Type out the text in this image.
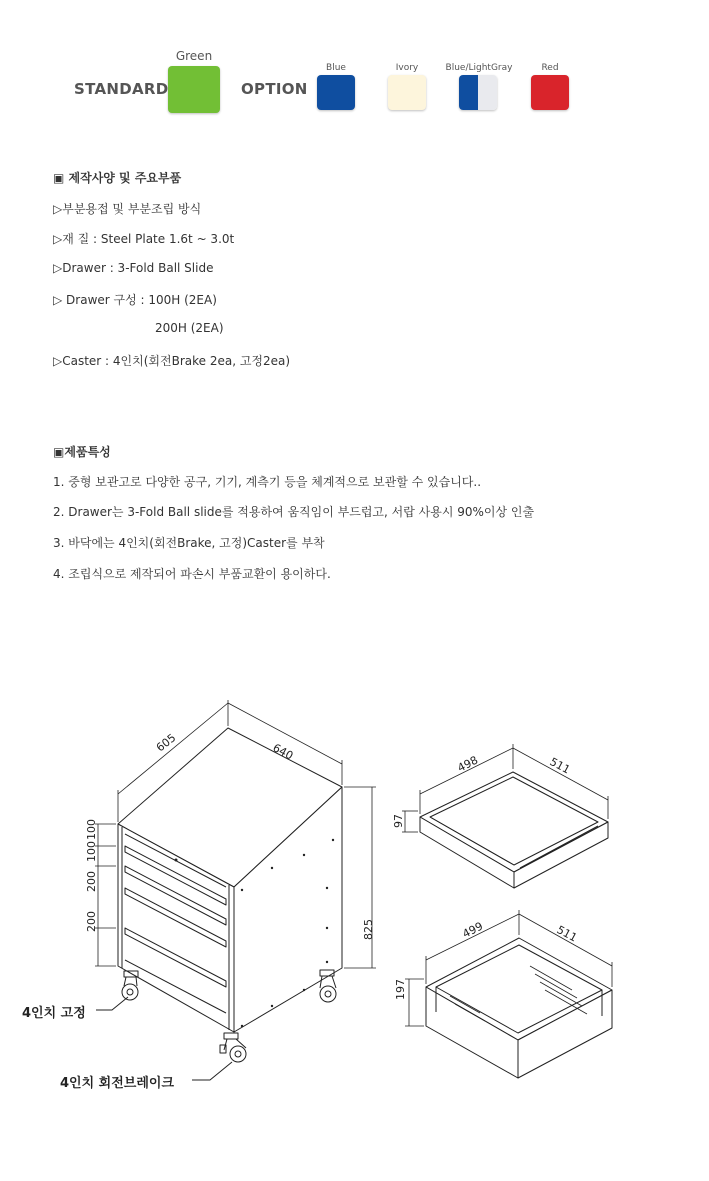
STANDARD
Green
OPTION
Blue	Ivory	Blue/LightGray	Red
▣ 제작사양 및 주요부품
▷부분용접 및 부분조립 방식
▷재 질 : Steel Plate 1.6t ~ 3.0t
▷Drawer : 3-Fold Ball Slide
▷ Drawer 구성 : 100H (2EA)
200H (2EA)
▷Caster : 4인치(회전Brake 2ea, 고정2ea)
▣제품특성
1. 중형 보관고로 다양한 공구, 기기, 계측기 등을 체계적으로 보관할 수 있습니다..
2. Drawer는 3-Fold Ball slide를 적용하여 움직임이 부드럽고, 서랍 사용시 90%이상 인출
3. 바닥에는 4인치(회전Brake, 고정)Caster를 부착
4. 조립식으로 제작되어 파손시 부품교환이 용이하다.
605	640
825
100
100
200
200
498	511
97
499	511
197
4인치 고정
4인치 회전브레이크
